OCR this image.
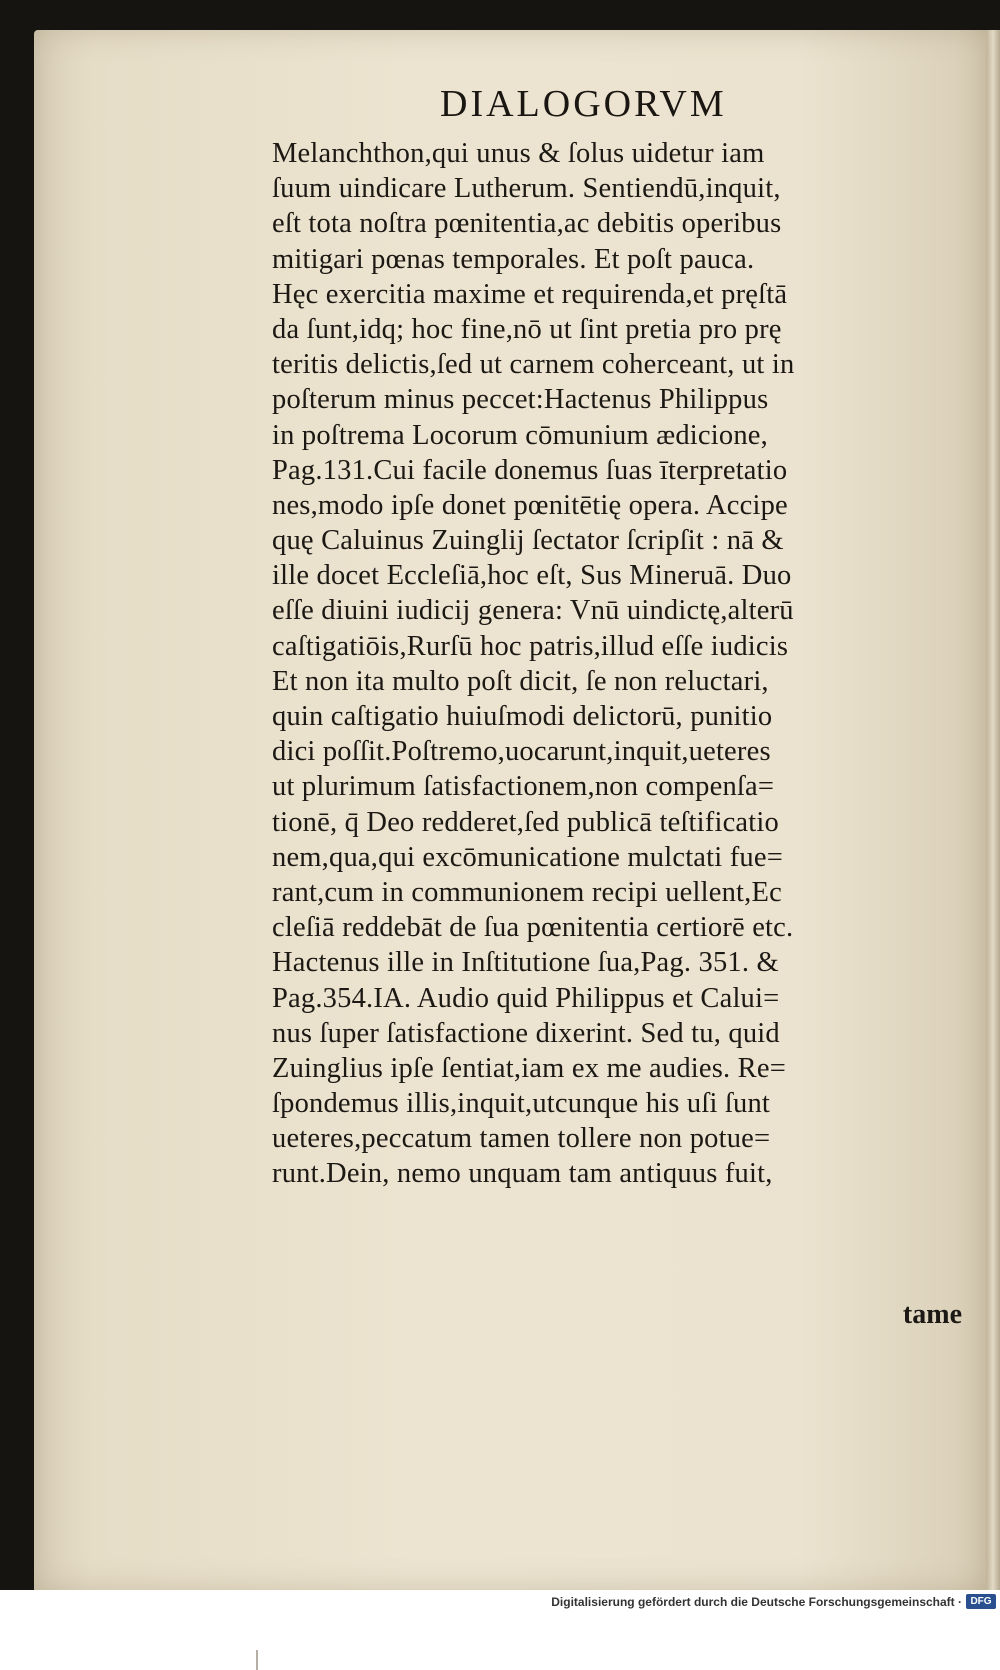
DIALOGORVM
Melanchthon,qui unus & ſolus uidetur iam
ſuum uindicare Lutherum. Sentiendū,inquit,
eſt tota noſtra pœnitentia,ac debitis operibus
mitigari pœnas temporales. Et poſt pauca.
Hęc exercitia maxime et requirenda,et pręſtā
da ſunt,idq; hoc fine,nō ut ſint pretia pro prę
teritis delictis,ſed ut carnem coherceant, ut in
poſterum minus peccet:Hactenus Philippus
in poſtrema Locorum cōmunium ædicione,
Pag.131.Cui facile donemus ſuas īterpretatio
nes,modo ipſe donet pœnitētię opera. Accipe
quę Caluinus Zuinglij ſectator ſcripſit : nā &
ille docet Eccleſiā,hoc eſt, Sus Mineruā. Duo
eſſe diuini iudicij genera: Vnū uindictę,alterū
caſtigatiōis,Rurſū hoc patris,illud eſſe iudicis
Et non ita multo poſt dicit, ſe non reluctari,
quin caſtigatio huiuſmodi delictorū, punitio
dici poſſit.Poſtremo,uocarunt,inquit,ueteres
ut plurimum ſatisfactionem,non compenſa=
tionē, q̄ Deo redderet,ſed publicā teſtificatio
nem,qua,qui excōmunicatione mulctati fue=
rant,cum in communionem recipi uellent,Ec
cleſiā reddebāt de ſua pœnitentia certiorē etc.
Hactenus ille in Inſtitutione ſua,Pag. 351. &
Pag.354.IA. Audio quid Philippus et Calui=
nus ſuper ſatisfactione dixerint. Sed tu, quid
Zuinglius ipſe ſentiat,iam ex me audies. Re=
ſpondemus illis,inquit,utcunque his uſi ſunt
ueteres,peccatum tamen tollere non potue=
runt.Dein, nemo unquam tam antiquus fuit,
tame
Digitalisierung gefördert durch die Deutsche Forschungsgemeinschaft · DFG
